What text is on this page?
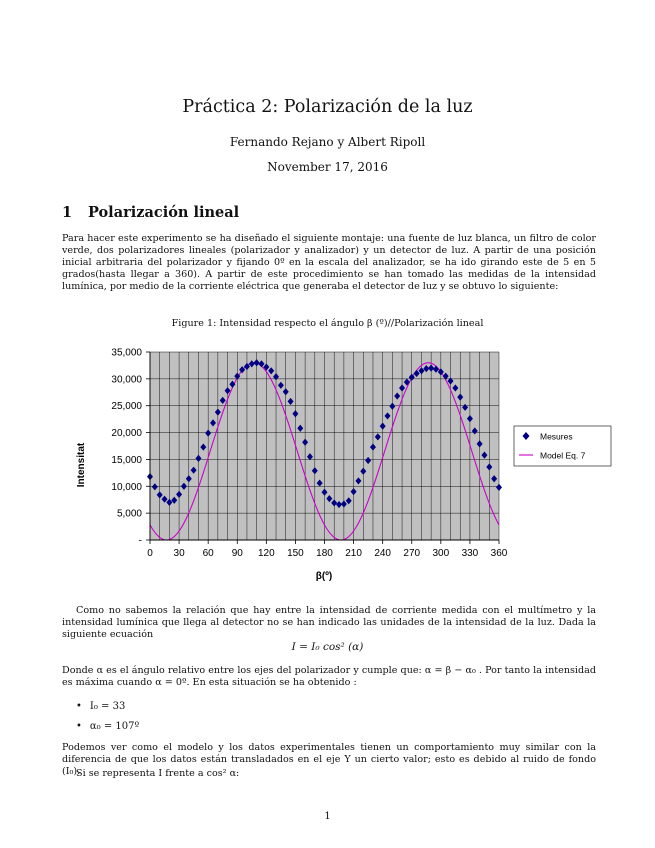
Práctica 2: Polarización de la luz
Fernando Rejano y Albert Ripoll
November 17, 2016
1 Polarización lineal
Para hacer este experimento se ha diseñado el siguiente montaje: una fuente de luz blanca, un filtro de color verde, dos polarizadores lineales (polarizador y analizador) y un detector de luz. A partir de una posición inicial arbitraria del polarizador y fijando 0º en la escala del analizador, se ha ido girando este de 5 en 5 grados(hasta llegar a 360). A partir de este procedimiento se han tomado las medidas de la intensidad lumínica, por medio de la corriente eléctrica que generaba el detector de luz y se obtuvo lo siguiente:
Figure 1: Intensidad respecto el ángulo β (º)//Polarización lineal
-
5,000
10,000
15,000
20,000
25,000
30,000
35,000
0 30 60 90 120 150 180 210 240 270 300 330 360
Intensitat
β(º)
Mesures
Model Eq. 7
Como no sabemos la relación que hay entre la intensidad de corriente medida con el multímetro y la intensidad lumínica que llega al detector no se han indicado las unidades de la intensidad de la luz. Dada la siguiente ecuación
I = I₀ cos² (α)
Donde α es el ángulo relativo entre los ejes del polarizador y cumple que: α = β − α₀ . Por tanto la intensidad es máxima cuando α = 0º. En esta situación se ha obtenido :
• I₀ = 33
• α₀ = 107º
Podemos ver como el modelo y los datos experimentales tienen un comportamiento muy similar con la diferencia de que los datos están transladados en el eje Y un cierto valor; esto es debido al ruido de fondo (I₀).
Si se representa I frente a cos² α:
1
